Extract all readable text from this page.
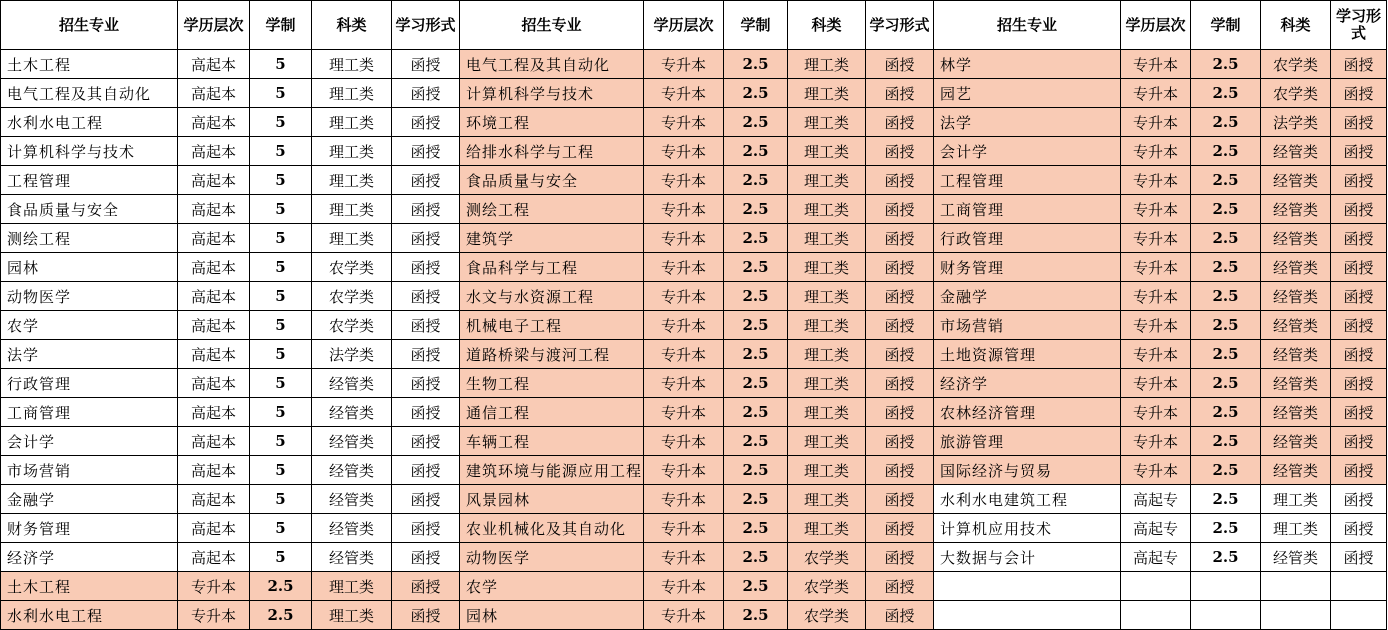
招生专业	学历层次	学制	科类	学习形式	招生专业	学历层次	学制	科类	学习形式	招生专业	学历层次	学制	科类	学习形式
土木工程	高起本	5	理工类	函授	电气工程及其自动化	专升本	2.5	理工类	函授	林学	专升本	2.5	农学类	函授
电气工程及其自动化	高起本	5	理工类	函授	计算机科学与技术	专升本	2.5	理工类	函授	园艺	专升本	2.5	农学类	函授
水利水电工程	高起本	5	理工类	函授	环境工程	专升本	2.5	理工类	函授	法学	专升本	2.5	法学类	函授
计算机科学与技术	高起本	5	理工类	函授	给排水科学与工程	专升本	2.5	理工类	函授	会计学	专升本	2.5	经管类	函授
工程管理	高起本	5	理工类	函授	食品质量与安全	专升本	2.5	理工类	函授	工程管理	专升本	2.5	经管类	函授
食品质量与安全	高起本	5	理工类	函授	测绘工程	专升本	2.5	理工类	函授	工商管理	专升本	2.5	经管类	函授
测绘工程	高起本	5	理工类	函授	建筑学	专升本	2.5	理工类	函授	行政管理	专升本	2.5	经管类	函授
园林	高起本	5	农学类	函授	食品科学与工程	专升本	2.5	理工类	函授	财务管理	专升本	2.5	经管类	函授
动物医学	高起本	5	农学类	函授	水文与水资源工程	专升本	2.5	理工类	函授	金融学	专升本	2.5	经管类	函授
农学	高起本	5	农学类	函授	机械电子工程	专升本	2.5	理工类	函授	市场营销	专升本	2.5	经管类	函授
法学	高起本	5	法学类	函授	道路桥梁与渡河工程	专升本	2.5	理工类	函授	土地资源管理	专升本	2.5	经管类	函授
行政管理	高起本	5	经管类	函授	生物工程	专升本	2.5	理工类	函授	经济学	专升本	2.5	经管类	函授
工商管理	高起本	5	经管类	函授	通信工程	专升本	2.5	理工类	函授	农林经济管理	专升本	2.5	经管类	函授
会计学	高起本	5	经管类	函授	车辆工程	专升本	2.5	理工类	函授	旅游管理	专升本	2.5	经管类	函授
市场营销	高起本	5	经管类	函授	建筑环境与能源应用工程	专升本	2.5	理工类	函授	国际经济与贸易	专升本	2.5	经管类	函授
金融学	高起本	5	经管类	函授	风景园林	专升本	2.5	理工类	函授	水利水电建筑工程	高起专	2.5	理工类	函授
财务管理	高起本	5	经管类	函授	农业机械化及其自动化	专升本	2.5	理工类	函授	计算机应用技术	高起专	2.5	理工类	函授
经济学	高起本	5	经管类	函授	动物医学	专升本	2.5	农学类	函授	大数据与会计	高起专	2.5	经管类	函授
土木工程	专升本	2.5	理工类	函授	农学	专升本	2.5	农学类	函授					
水利水电工程	专升本	2.5	理工类	函授	园林	专升本	2.5	农学类	函授					
